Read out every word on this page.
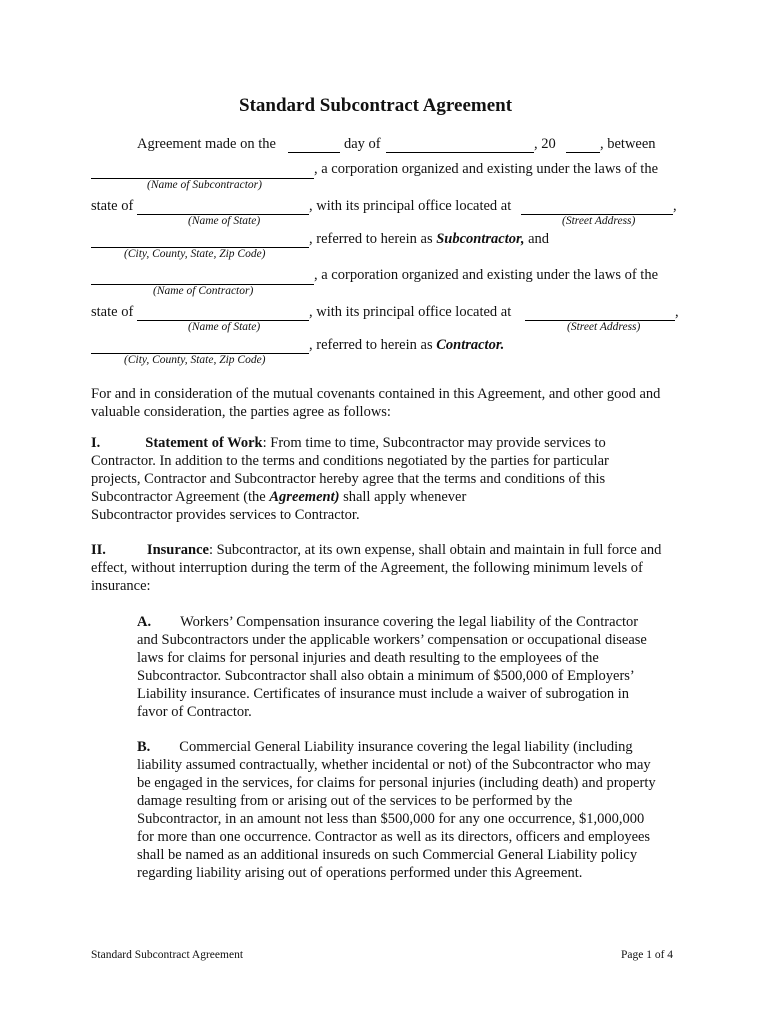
Standard Subcontract Agreement
Agreement made on the	day of	, 20	, between
, a corporation organized and existing under the laws of the
(Name of Subcontractor)
state of	, with its principal office located at	,
(Name of State)	(Street Address)
, referred to herein as Subcontractor, and
(City, County, State, Zip Code)
, a corporation organized and existing under the laws of the
(Name of Contractor)
state of	, with its principal office located at	,
(Name of State)	(Street Address)
, referred to herein as Contractor.
(City, County, State, Zip Code)
For and in consideration of the mutual covenants contained in this Agreement, and other good and valuable consideration, the parties agree as follows:

I.	Statement of Work: From time to time, Subcontractor may provide services to

Contractor. In addition to the terms and conditions negotiated by the parties for particular

projects, Contractor and Subcontractor hereby agree that the terms and conditions of this

Subcontractor Agreement (the Agreement) shall apply whenever

Subcontractor provides services to Contractor.

II.	Insurance: Subcontractor, at its own expense, shall obtain and maintain in full force and

effect, without interruption during the term of the Agreement, the following minimum levels of

insurance:

A. Workers’ Compensation insurance covering the legal liability of the Contractor

and Subcontractors under the applicable workers’ compensation or occupational disease

laws for claims for personal injuries and death resulting to the employees of the

Subcontractor. Subcontractor shall also obtain a minimum of $500,000 of Employers’

Liability insurance. Certificates of insurance must include a waiver of subrogation in

favor of Contractor.

B. Commercial General Liability insurance covering the legal liability (including

liability assumed contractually, whether incidental or not) of the Subcontractor who may

be engaged in the services, for claims for personal injuries (including death) and property

damage resulting from or arising out of the services to be performed by the

Subcontractor, in an amount not less than $500,000 for any one occurrence, $1,000,000

for more than one occurrence. Contractor as well as its directors, officers and employees

shall be named as an additional insureds on such Commercial General Liability policy

regarding liability arising out of operations performed under this Agreement.

Standard Subcontract Agreement	Page 1 of 4
